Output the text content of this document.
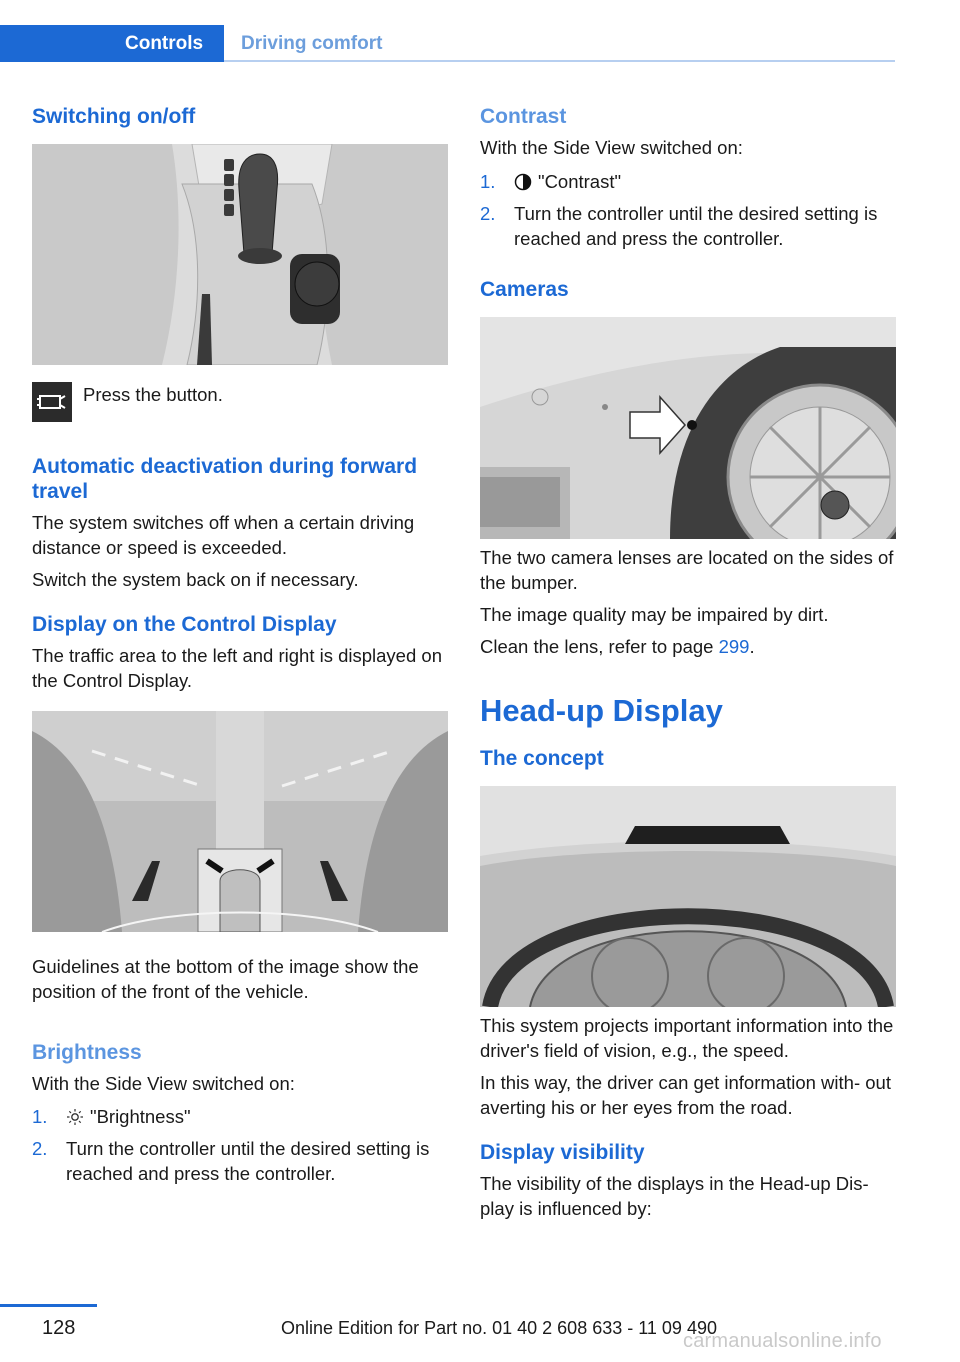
Controls	Driving comfort
Switching on/off

Press the button.

Automatic deactivation during forward travel

The system switches off when a certain driving distance or speed is exceeded.

Switch the system back on if necessary.

Display on the Control Display

The traffic area to the left and right is displayed on the Control Display.

Guidelines at the bottom of the image show the position of the front of the vehicle.

Brightness

With the Side View switched on:

1. "Brightness"
2. Turn the controller until the desired setting is reached and press the controller.
Contrast

With the Side View switched on:

1. "Contrast"
2. Turn the controller until the desired setting is reached and press the controller.
Cameras

The two camera lenses are located on the sides of the bumper.

The image quality may be impaired by dirt.

Clean the lens, refer to page 299.

Head-up Display
The concept

This system projects important information into the driver's field of vision, e.g., the speed.

In this way, the driver can get information with- out averting his or her eyes from the road.

Display visibility

The visibility of the displays in the Head-up Dis- play is influenced by:

128	Online Edition for Part no. 01 40 2 608 633 - 11 09 490
carmanualsonline.info
